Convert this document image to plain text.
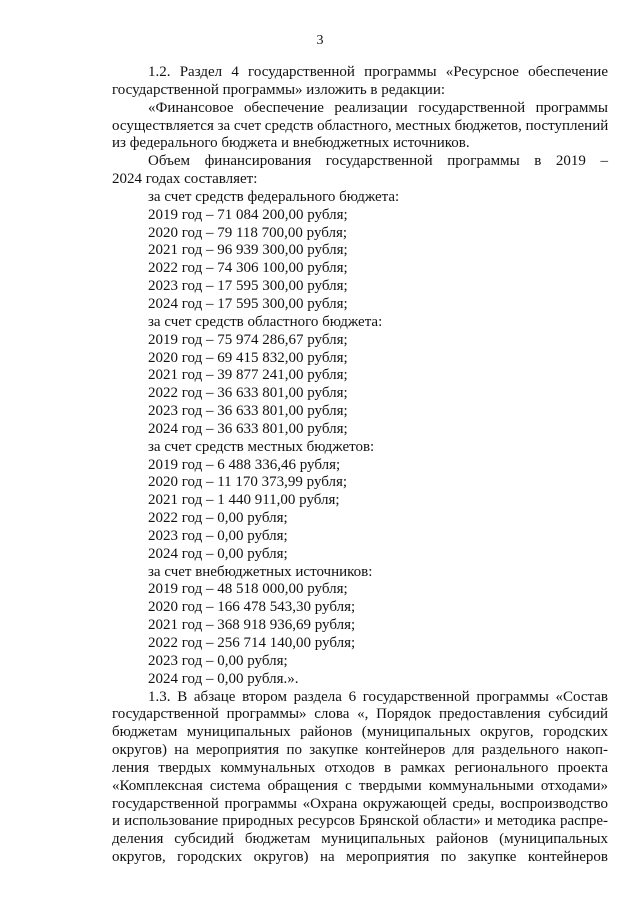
3
1.2. Раздел 4 государственной программы «Ресурсное обеспечение
государственной программы» изложить в редакции:
«Финансовое обеспечение реализации государственной программы
осуществляется за счет средств областного, местных бюджетов, поступлений
из федерального бюджета и внебюджетных источников.
Объем финансирования государственной программы в 2019 –
2024 годах составляет:
за счет средств федерального бюджета:
2019 год – 71 084 200,00 рубля;
2020 год – 79 118 700,00 рубля;
2021 год – 96 939 300,00 рубля;
2022 год – 74 306 100,00 рубля;
2023 год – 17 595 300,00 рубля;
2024 год – 17 595 300,00 рубля;
за счет средств областного бюджета:
2019 год – 75 974 286,67 рубля;
2020 год – 69 415 832,00 рубля;
2021 год – 39 877 241,00 рубля;
2022 год – 36 633 801,00 рубля;
2023 год – 36 633 801,00 рубля;
2024 год – 36 633 801,00 рубля;
за счет средств местных бюджетов:
2019 год – 6 488 336,46 рубля;
2020 год – 11 170 373,99 рубля;
2021 год – 1 440 911,00 рубля;
2022 год – 0,00 рубля;
2023 год – 0,00 рубля;
2024 год – 0,00 рубля;
за счет внебюджетных источников:
2019 год – 48 518 000,00 рубля;
2020 год – 166 478 543,30 рубля;
2021 год – 368 918 936,69 рубля;
2022 год – 256 714 140,00 рубля;
2023 год – 0,00 рубля;
2024 год – 0,00 рубля.».
1.3. В абзаце втором раздела 6 государственной программы «Состав
государственной программы» слова «, Порядок предоставления субсидий
бюджетам муниципальных районов (муниципальных округов, городских
округов) на мероприятия по закупке контейнеров для раздельного накоп-
ления твердых коммунальных отходов в рамках регионального проекта
«Комплексная система обращения с твердыми коммунальными отходами»
государственной программы «Охрана окружающей среды, воспроизводство
и использование природных ресурсов Брянской области» и методика распре-
деления субсидий бюджетам муниципальных районов (муниципальных
округов, городских округов) на мероприятия по закупке контейнеров
